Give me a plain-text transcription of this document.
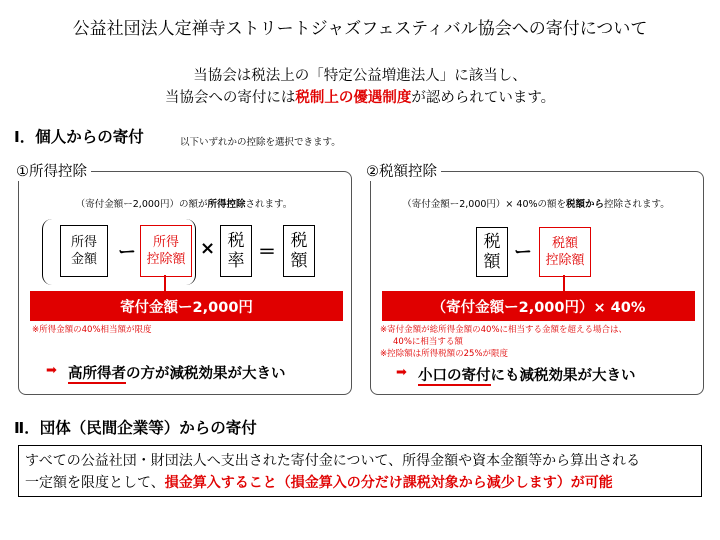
公益社団法人定禅寺ストリートジャズフェスティバル協会への寄付について
当協会は税法上の「特定公益増進法人」に該当し、
当協会への寄付には税制上の優遇制度が認められています。
Ⅰ．個人からの寄付	以下いずれかの控除を選択できます。
①所得控除
（寄付金額ー2,000円）の額が所得控除されます。
所得
金額 ー	所得
控除額
× 税
率 ＝
税
額
寄付金額ー2,000円
※所得金額の40%相当額が限度
➡ 高所得者の方が減税効果が大きい
②税額控除
（寄付金額ー2,000円）× 40%の額を税額から控除されます。
税
額 ー	税額
控除額
（寄付金額ー2,000円）× 40%
※寄付金額が総所得金額の40%に相当する金額を超える場合は、
40%に相当する額
※控除額は所得税額の25%が限度
➡ 小口の寄付にも減税効果が大きい
Ⅱ．団体（民間企業等）からの寄付
すべての公益社団・財団法人へ支出された寄付金について、所得金額や資本金額等から算出される
一定額を限度として、損金算入すること（損金算入の分だけ課税対象から減少します）が可能
